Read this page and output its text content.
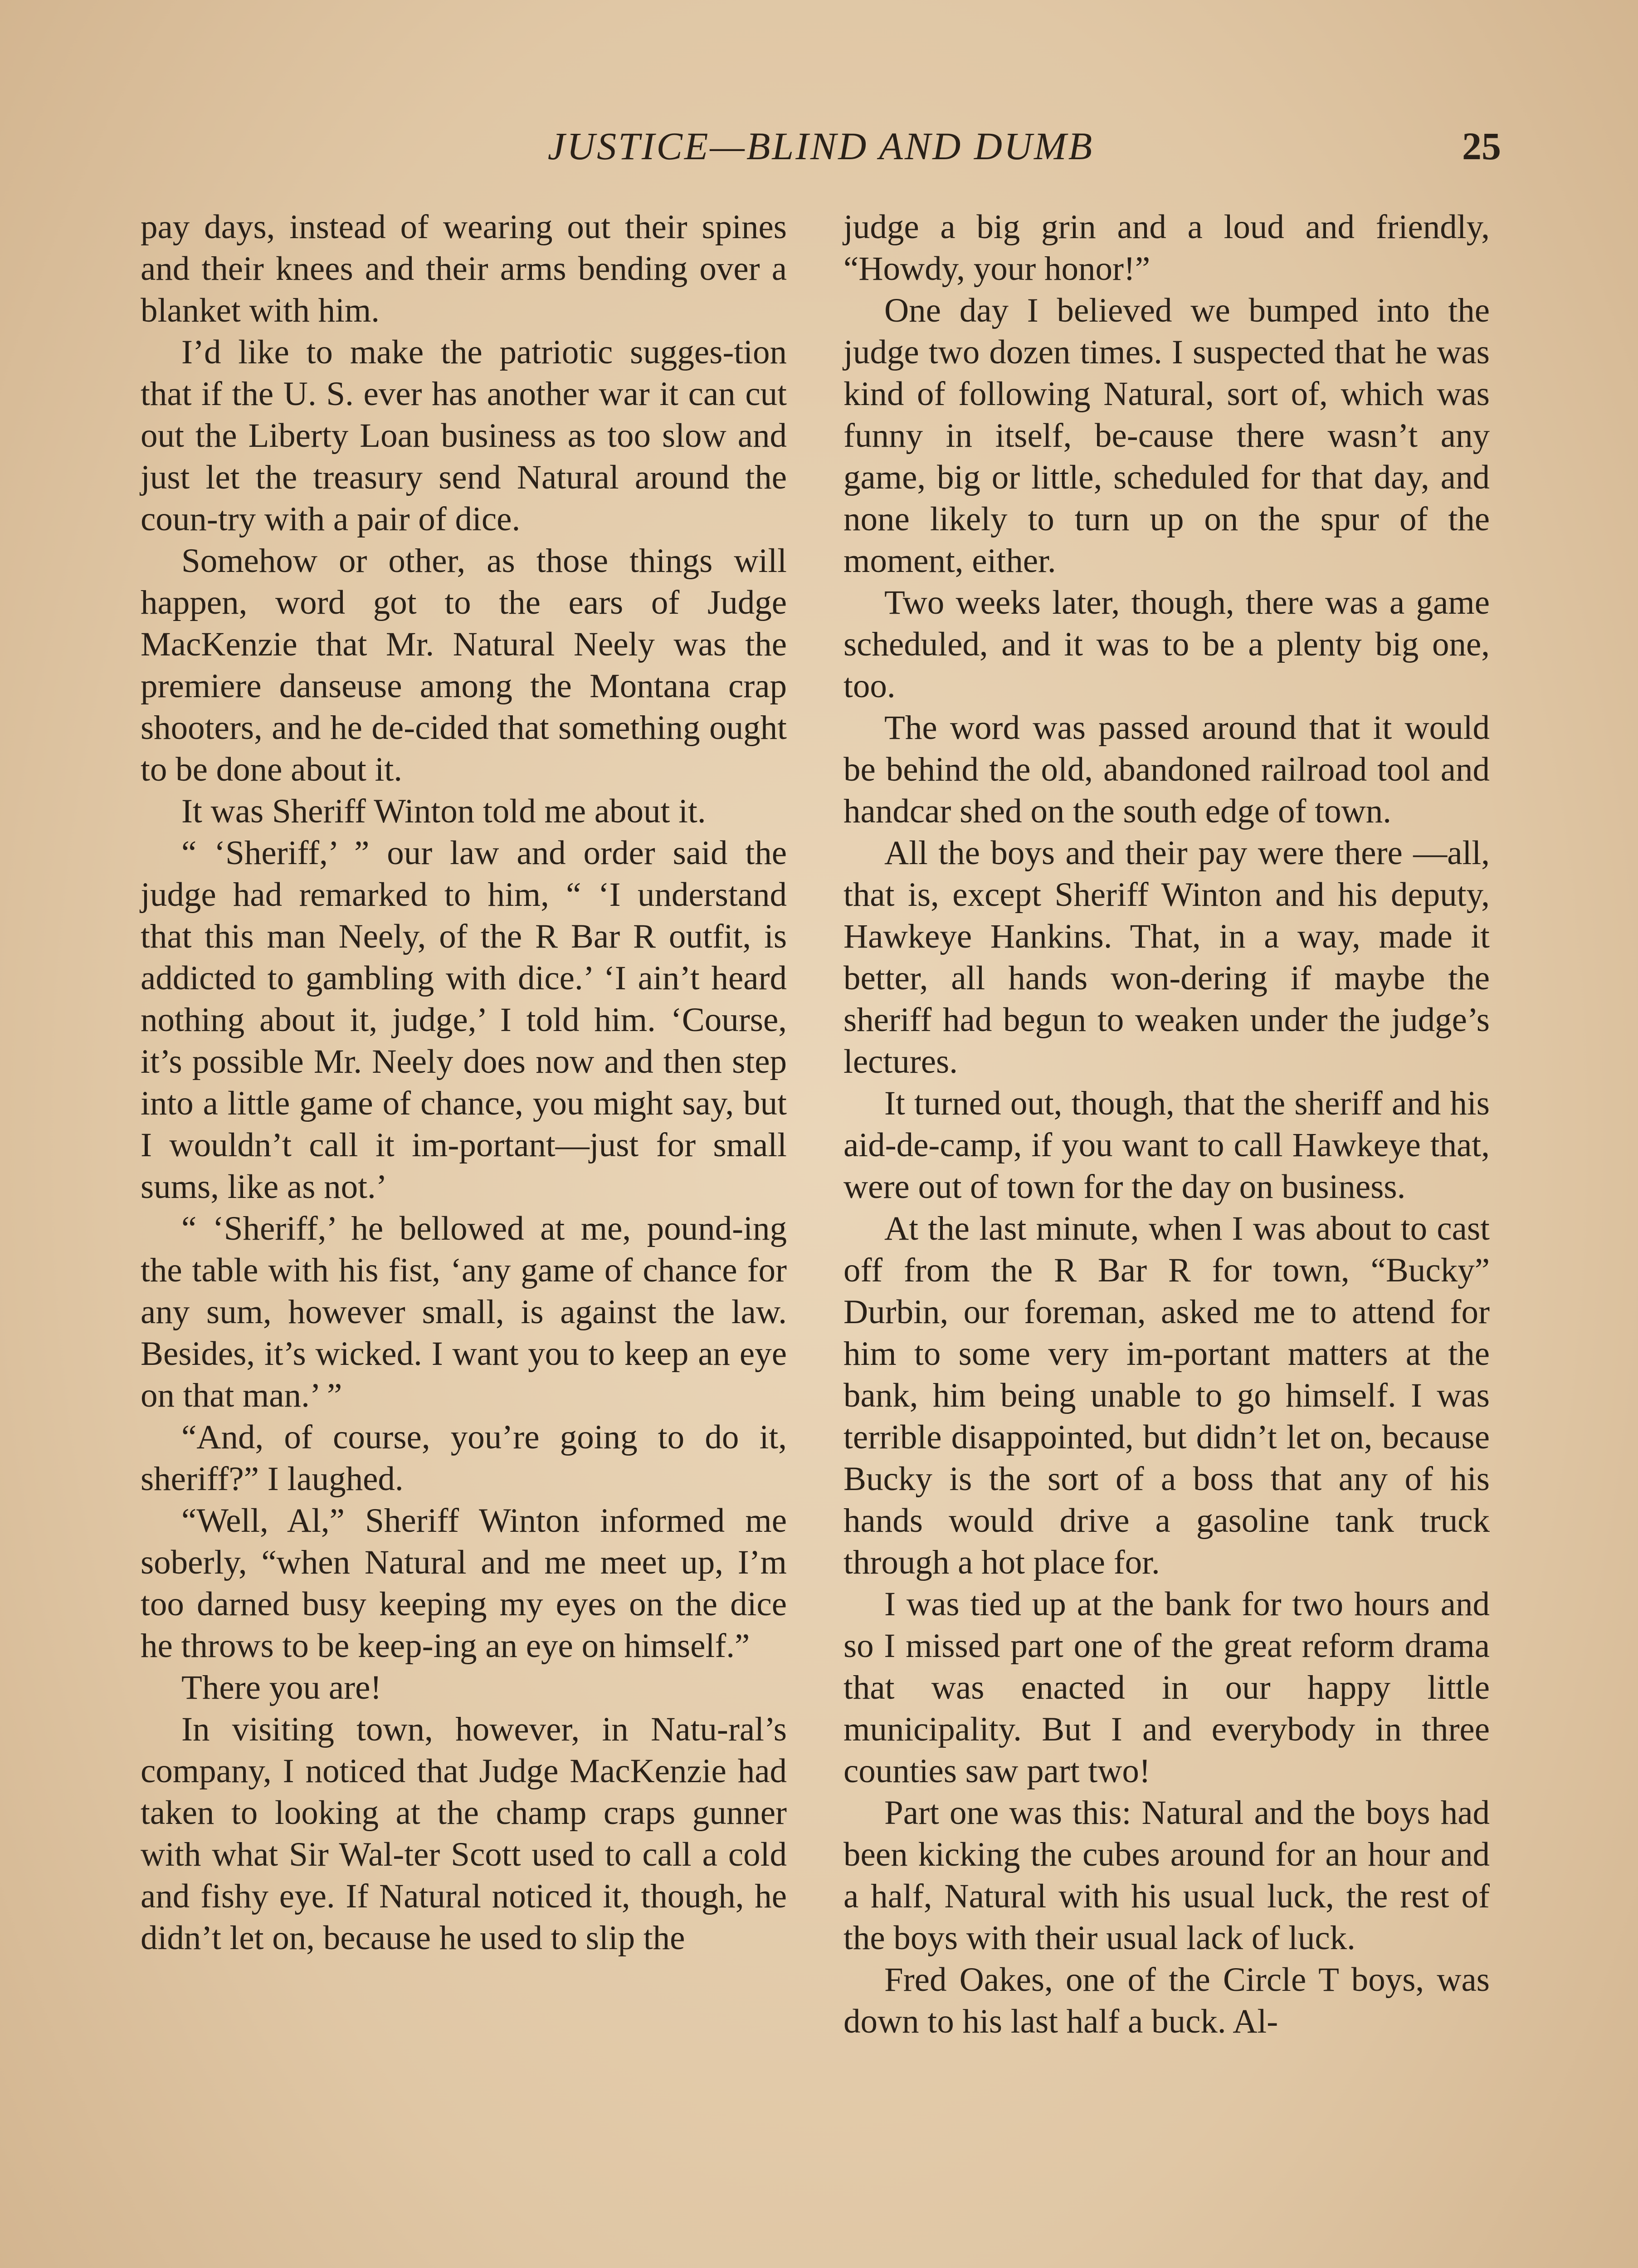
JUSTICE—BLIND AND DUMB	25

pay days, instead of wearing out their spines and their knees and their arms bending over a blanket with him.

I’d like to make the patriotic sugges-tion that if the U. S. ever has another war it can cut out the Liberty Loan business as too slow and just let the treasury send Natural around the coun-try with a pair of dice.

Somehow or other, as those things will happen, word got to the ears of Judge MacKenzie that Mr. Natural Neely was the premiere danseuse among the Montana crap shooters, and he de-cided that something ought to be done about it.

It was Sheriff Winton told me about it.

“ ‘Sheriff,’ ” our law and order said the judge had remarked to him, “ ‘I understand that this man Neely, of the R Bar R outfit, is addicted to gambling with dice.’ ‘I ain’t heard nothing about it, judge,’ I told him. ‘Course, it’s possible Mr. Neely does now and then step into a little game of chance, you might say, but I wouldn’t call it im-portant—just for small sums, like as not.’

“ ‘Sheriff,’ he bellowed at me, pound-ing the table with his fist, ‘any game of chance for any sum, however small, is against the law. Besides, it’s wicked. I want you to keep an eye on that man.’ ”

“And, of course, you’re going to do it, sheriff?” I laughed.

“Well, Al,” Sheriff Winton informed me soberly, “when Natural and me meet up, I’m too darned busy keeping my eyes on the dice he throws to be keep-ing an eye on himself.”

There you are!

In visiting town, however, in Natu-ral’s company, I noticed that Judge MacKenzie had taken to looking at the champ craps gunner with what Sir Wal-ter Scott used to call a cold and fishy eye. If Natural noticed it, though, he didn’t let on, because he used to slip the

judge a big grin and a loud and friendly, “Howdy, your honor!”

One day I believed we bumped into the judge two dozen times. I suspected that he was kind of following Natural, sort of, which was funny in itself, be-cause there wasn’t any game, big or little, scheduled for that day, and none likely to turn up on the spur of the moment, either.

Two weeks later, though, there was a game scheduled, and it was to be a plenty big one, too.

The word was passed around that it would be behind the old, abandoned railroad tool and handcar shed on the south edge of town.

All the boys and their pay were there —all, that is, except Sheriff Winton and his deputy, Hawkeye Hankins. That, in a way, made it better, all hands won-dering if maybe the sheriff had begun to weaken under the judge’s lectures.

It turned out, though, that the sheriff and his aid-de-camp, if you want to call Hawkeye that, were out of town for the day on business.

At the last minute, when I was about to cast off from the R Bar R for town, “Bucky” Durbin, our foreman, asked me to attend for him to some very im-portant matters at the bank, him being unable to go himself. I was terrible disappointed, but didn’t let on, because Bucky is the sort of a boss that any of his hands would drive a gasoline tank truck through a hot place for.

I was tied up at the bank for two hours and so I missed part one of the great reform drama that was enacted in our happy little municipality. But I and everybody in three counties saw part two!

Part one was this: Natural and the boys had been kicking the cubes around for an hour and a half, Natural with his usual luck, the rest of the boys with their usual lack of luck.

Fred Oakes, one of the Circle T boys, was down to his last half a buck. Al-
